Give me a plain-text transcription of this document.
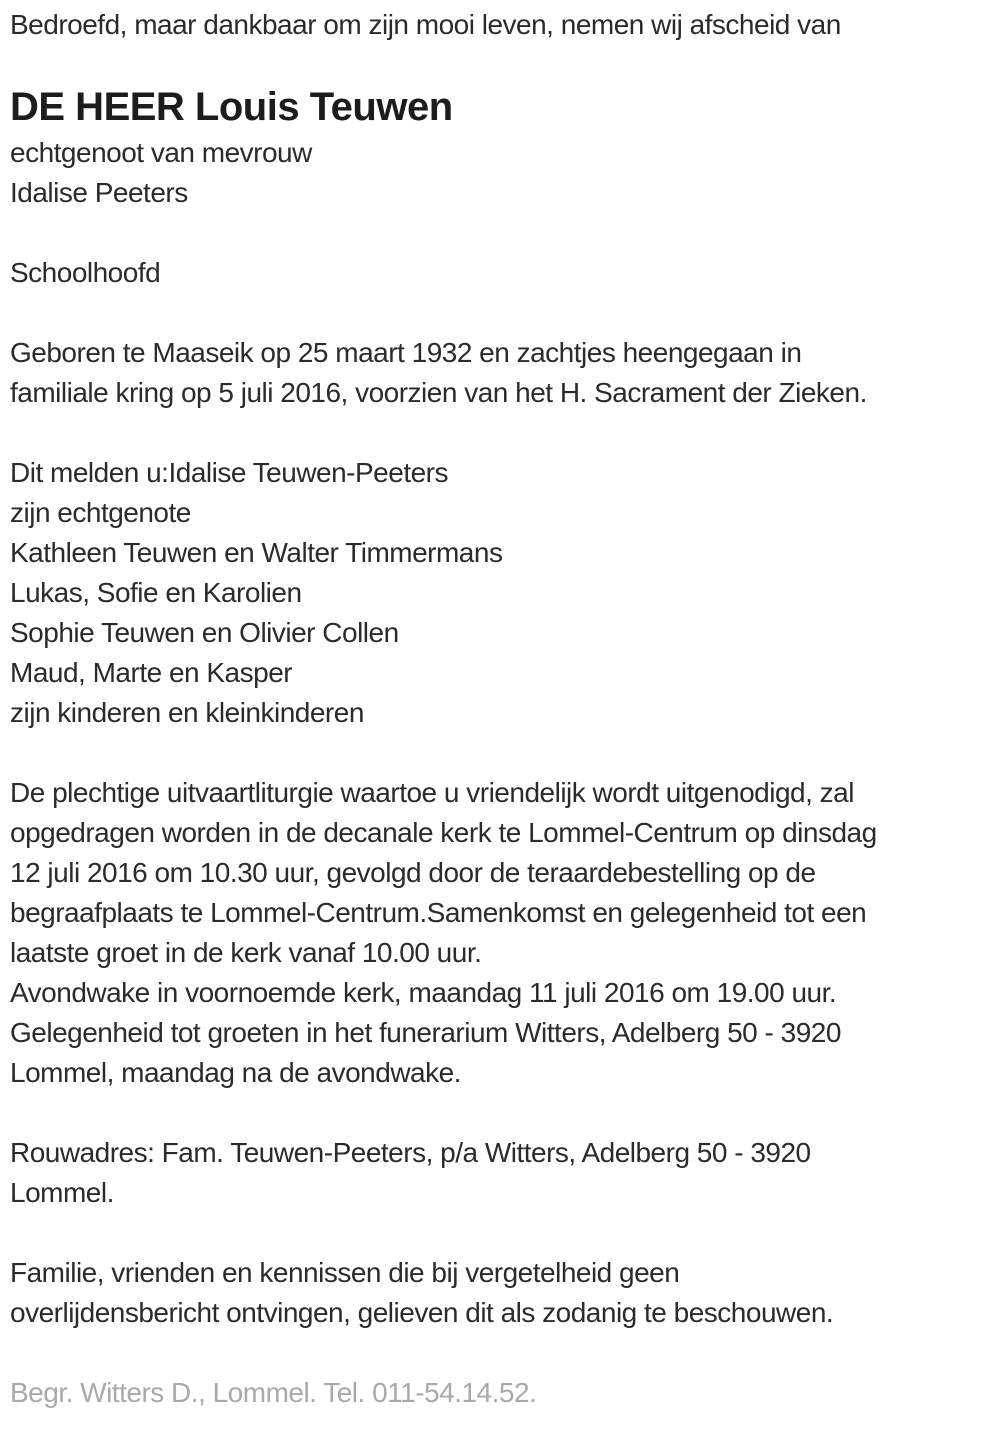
Bedroefd, maar dankbaar om zijn mooi leven, nemen wij afscheid van

DE HEER Louis Teuwen
echtgenoot van mevrouw
Idalise Peeters

Schoolhoofd

Geboren te Maaseik op 25 maart 1932 en zachtjes heengegaan in
familiale kring op 5 juli 2016, voorzien van het H. Sacrament der Zieken.
Dit melden u:Idalise Teuwen-Peeters
zijn echtgenote
Kathleen Teuwen en Walter Timmermans
Lukas, Sofie en Karolien
Sophie Teuwen en Olivier Collen
Maud, Marte en Kasper
zijn kinderen en kleinkinderen
De plechtige uitvaartliturgie waartoe u vriendelijk wordt uitgenodigd, zal
opgedragen worden in de decanale kerk te Lommel-Centrum op dinsdag
12 juli 2016 om 10.30 uur, gevolgd door de teraardebestelling op de
begraafplaats te Lommel-Centrum.Samenkomst en gelegenheid tot een
laatste groet in de kerk vanaf 10.00 uur.
Avondwake in voornoemde kerk, maandag 11 juli 2016 om 19.00 uur.
Gelegenheid tot groeten in het funerarium Witters, Adelberg 50 - 3920
Lommel, maandag na de avondwake.
Rouwadres: Fam. Teuwen-Peeters, p/a Witters, Adelberg 50 - 3920
Lommel.
Familie, vrienden en kennissen die bij vergetelheid geen
overlijdensbericht ontvingen, gelieven dit als zodanig te beschouwen.

Begr. Witters D., Lommel. Tel. 011-54.14.52.
